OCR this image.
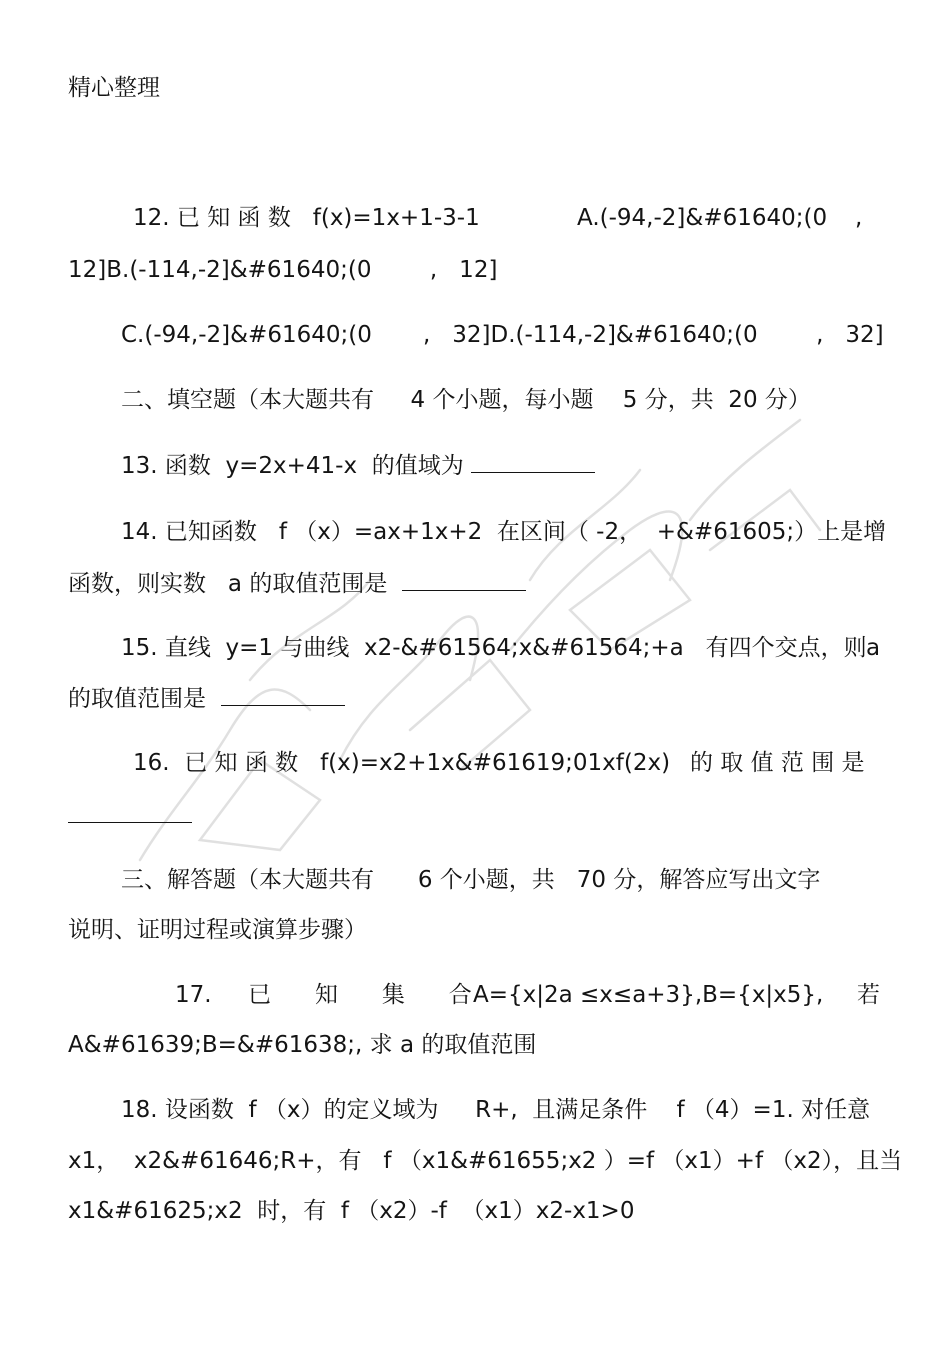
精心整理
12. 已 知 函 数   f(x)=1x+1-3-1	A.(-94,-2]&#61640;(0 ,
12]B.(-114,-2]&#61640;(0        ,   12]
C.(-94,-2]&#61640;(0       ,   32]D.(-114,-2]&#61640;(0        ,   32]
二、填空题（本大题共有     4 个小题，每小题    5 分，共  20 分）
13. 函数  y=2x+41-x  的值域为
14. 已知函数   f （x）=ax+1x+2  在区间（ -2，  +&#61605;）上是增
函数，则实数   a 的取值范围是
15. 直线  y=1 与曲线  x2-&#61564;x&#61564;+a   有四个交点，则 a
的取值范围是
16.  已 知 函 数   f(x)=x2+1x&#61619;01xf(2x) 的 取 值 范 围 是
三、解答题（本大题共有      6 个小题，共   70 分，解答应写出文字
说明、证明过程或演算步骤）
17.     已      知      集      合 A={x|2a ≤x≤a+3},B={x|x5}, 若
A&#61639;B=&#61638;, 求 a 的取值范围
18. 设函数  f （x）的定义域为     R+,  且满足条件    f （4）=1. 对任意
x1，  x2&#61646;R+，有   f （x1&#61655;x2 ）=f （x1）+f （x2），且当
x1&#61625;x2  时，有  f （x2）-f  （x1）x2-x1>0
